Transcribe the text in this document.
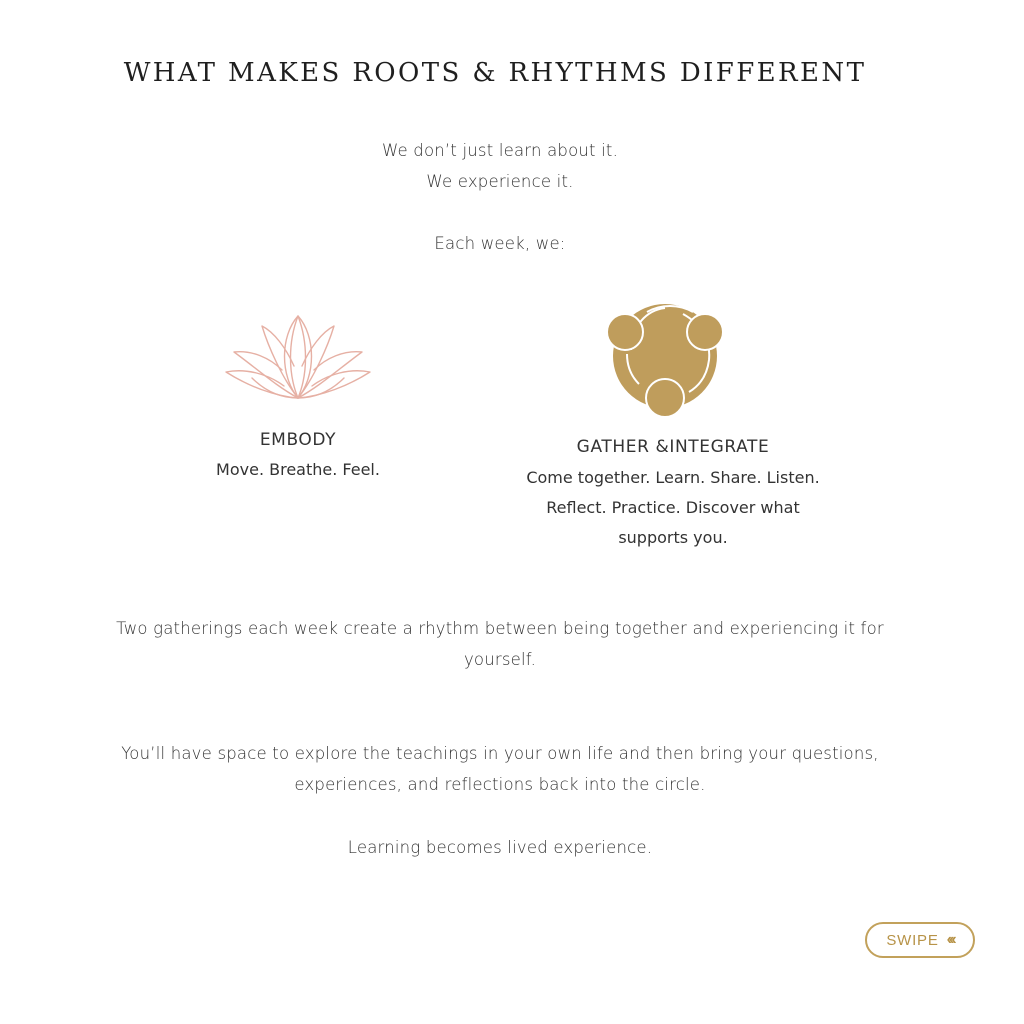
WHAT MAKES ROOTS & RHYTHMS DIFFERENT
We don’t just learn about it.
We experience it.
Each week, we:
EMBODY
Move. Breathe. Feel.
GATHER &INTEGRATE
Come together. Learn. Share. Listen.
Reflect. Practice. Discover what
supports you.
Two gatherings each week create a rhythm between being together and experiencing it for
yourself.
You’ll have space to explore the teachings in your own life and then bring your questions,
experiences, and reflections back into the circle.
Learning becomes lived experience.
SWIPE ‹‹‹
